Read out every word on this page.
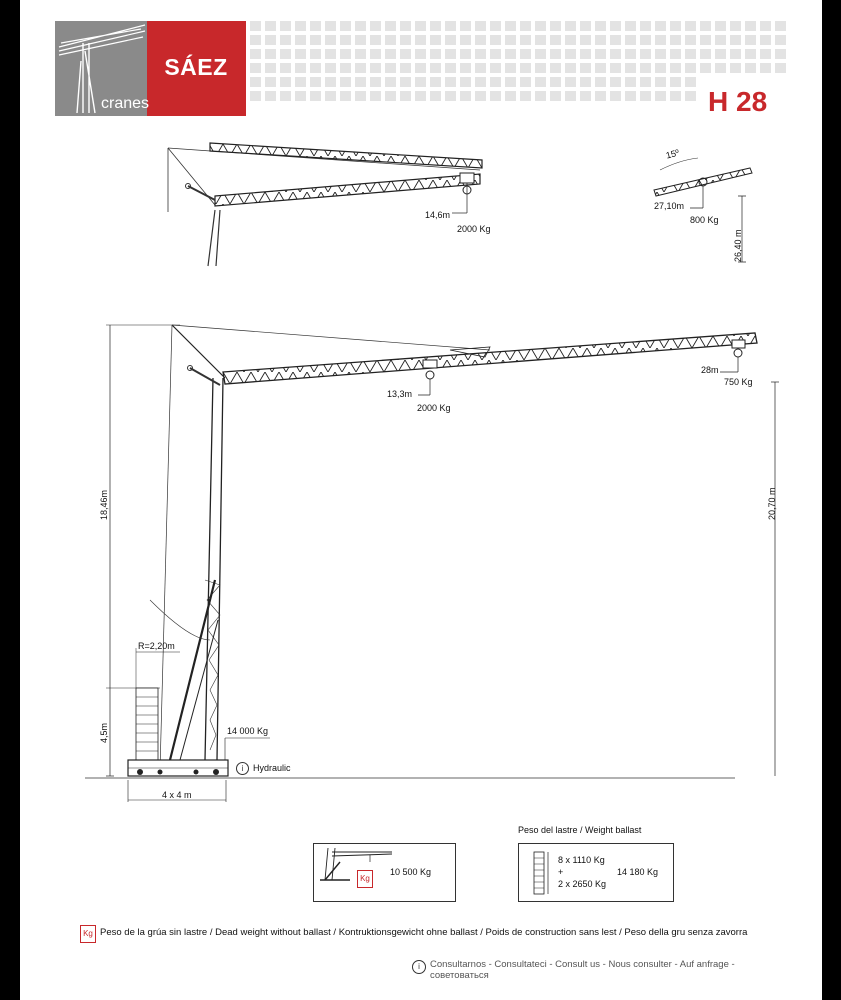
SÁEZ
cranes	H 28
14,6m
2000 Kg
15º
27,10m
800 Kg
26,40 m
13,3m
2000 Kg
28m
750 Kg
20,70 m
18,46m
4,5m
R=2,20m
14 000 Kg
i	Hydraulic
4 x 4 m
Peso del lastre / Weight ballast
Kg
10 500 Kg
8 x 1110 Kg
+
2 x 2650 Kg
14 180 Kg
Kg Peso de la grúa sin lastre / Dead weight without ballast / Kontruktionsgewicht ohne ballast / Poids de construction sans lest / Peso della gru senza zavorra
i	Consultarnos - Consultateci - Consult us - Nous consulter - Auf anfrage -
советоваться
